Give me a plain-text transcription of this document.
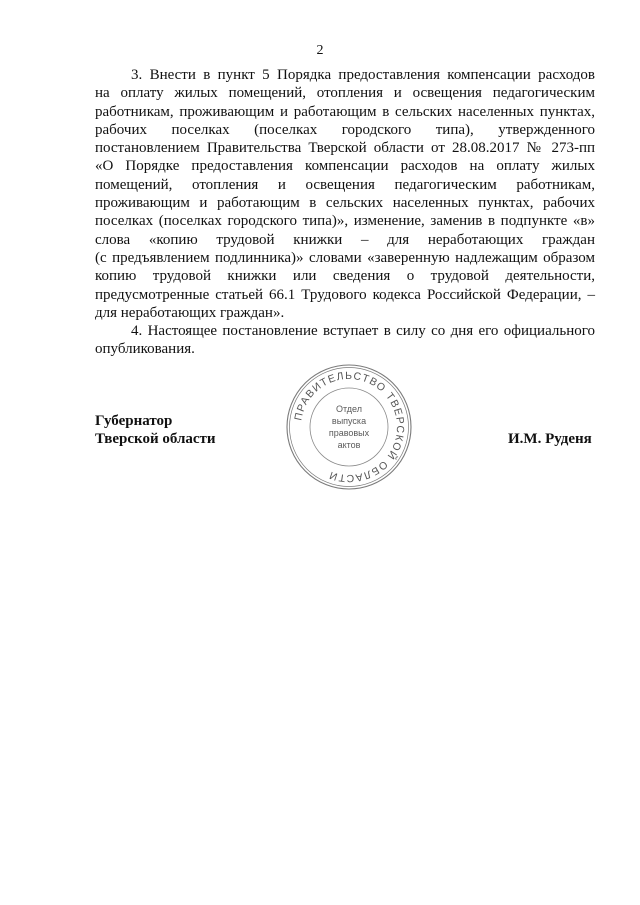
2

3. Внести в пункт 5 Порядка предоставления компенсации расходов
на оплату жилых помещений, отопления и освещения педагогическим
работникам, проживающим и работающим в сельских населенных пунктах,
рабочих поселках (поселках городского типа), утвержденного
постановлением Правительства Тверской области от 28.08.2017 № 273-пп
«О Порядке предоставления компенсации расходов на оплату жилых
помещений, отопления и освещения педагогическим работникам,
проживающим и работающим в сельских населенных пунктах, рабочих
поселках (поселках городского типа)», изменение, заменив в подпункте «в»
слова «копию трудовой книжки – для неработающих граждан
(с предъявлением подлинника)» словами «заверенную надлежащим образом
копию трудовой книжки или сведения о трудовой деятельности,
предусмотренные статьей 66.1 Трудового кодекса Российской Федерации, –
для неработающих граждан».

4. Настоящее постановление вступает в силу со дня его официального
опубликования.

ПРАВИТЕЛЬСТВО ТВЕРСКОЙ ОБЛАСТИ
Отдел
выпуска
правовых
актов
Губернатор
Тверской области	И.М. Руденя
